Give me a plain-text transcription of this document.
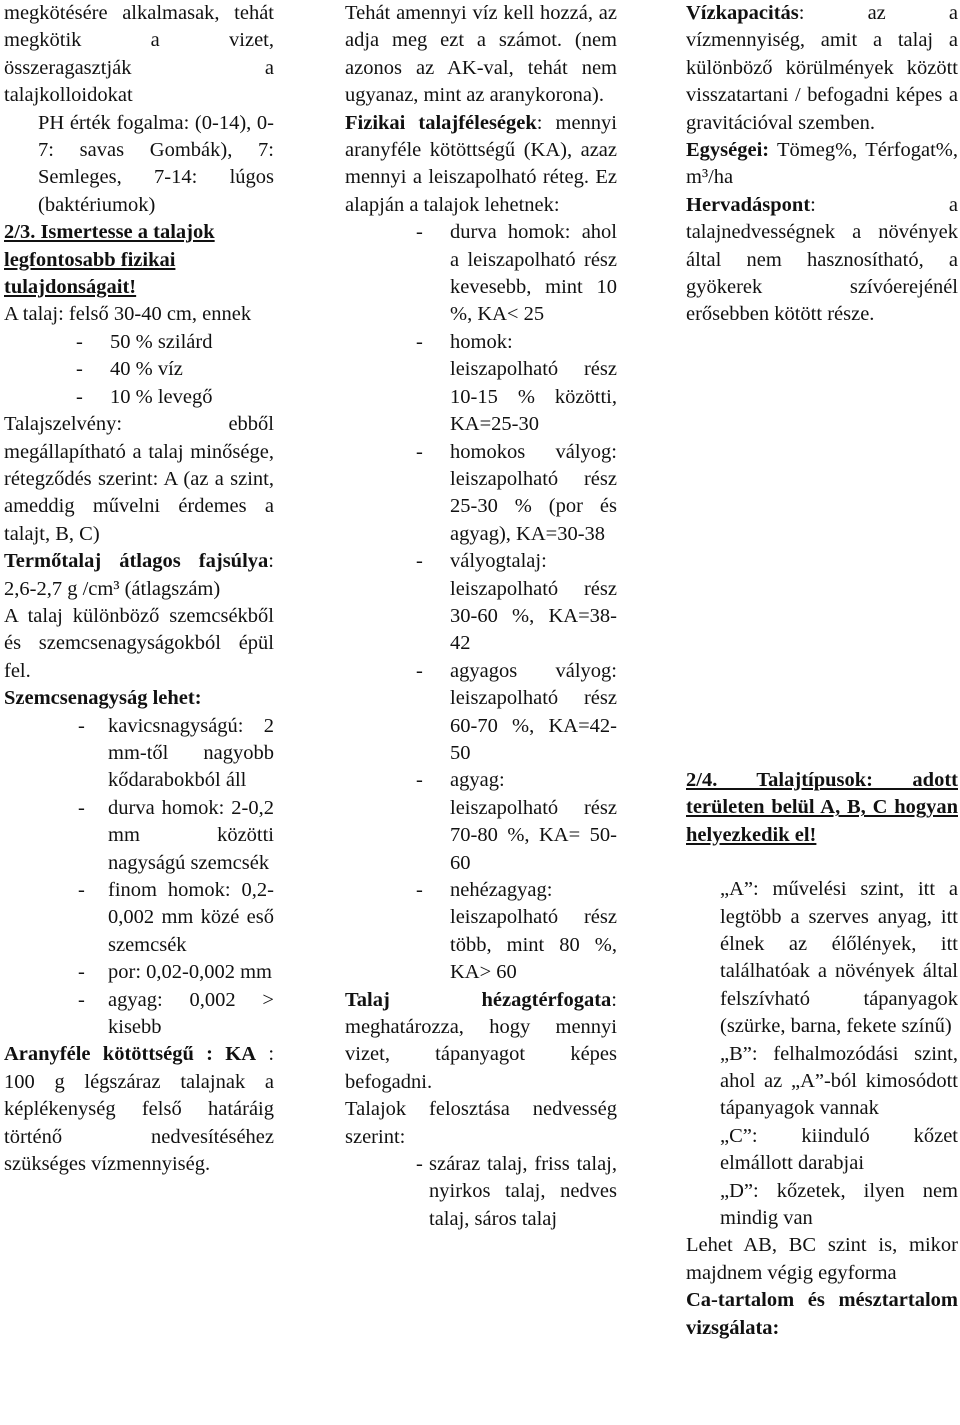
megkötésére alkalmasak, tehát megkötik a vizet, összeragasztják a talajkolloidokat

PH érték fogalma: (0-14), 0-7: savas Gombák), 7: Semleges, 7-14: lúgos (baktériumok)

2/3. Ismertesse a talajok legfontosabb fizikai tulajdonságait!

A talaj: felső 30-40 cm, ennek

- 50 % szilárd
- 40 % víz
- 10 % levegő

Talajszelvény: ebből megállapítható a talaj minősége, rétegződés szerint: A (az a szint, ameddig művelni érdemes a talajt, B, C)

Termőtalaj átlagos fajsúlya: 2,6-2,7 g /cm³ (átlagszám)

A talaj különböző szemcsékből és szemcsenagyságokból épül fel.

Szemcsenagyság lehet:

- kavicsnagyságú: 2 mm-től nagyobb kődarabokból áll
- durva homok: 2-0,2 mm közötti nagyságú szemcsék
- finom homok: 0,2-0,002 mm közé eső szemcsék
- por: 0,02-0,002 mm
- agyag: 0,002 > kisebb

Aranyféle kötöttségű : KA : 100 g légszáraz talajnak a képlékenység felső határáig történő nedvesítéséhez szükséges vízmennyiség.

Tehát amennyi víz kell hozzá, az adja meg ezt a számot. (nem azonos az AK-val, tehát nem ugyanaz, mint az aranykorona).

Fizikai talajféleségek: mennyi aranyféle kötöttségű (KA), azaz mennyi a leiszapolható réteg. Ez alapján a talajok lehetnek:

- durva homok: ahol a leiszapolható rész kevesebb, mint 10 %, KA< 25
- homok: leiszapolható rész 10-15 % közötti, KA=25-30
- homokos vályog: leiszapolható rész 25-30 % (por és agyag), KA=30-38
- vályogtalaj: leiszapolható rész 30-60 %, KA=38-42
- agyagos vályog: leiszapolható rész 60-70 %, KA=42-50
- agyag: leiszapolható rész 70-80 %, KA= 50-60
- nehézagyag: leiszapolható rész több, mint 80 %, KA> 60

Talaj hézagtérfogata: meghatározza, hogy mennyi vizet, tápanyagot képes befogadni.

Talajok felosztása nedvesség szerint:

- száraz talaj, friss talaj, nyirkos talaj, nedves talaj, sáros talaj

Vízkapacitás: az a vízmennyiség, amit a talaj a különböző körülmények között visszatartani / befogadni képes a gravitációval szemben.

Egységei: Tömeg%, Térfogat%, m³/ha

Hervadáspont: a talajnedvességnek a növények által nem hasznosítható, a gyökerek szívóerejénél erősebben kötött része.

2/4. Talajtípusok: adott területen belül A, B, C hogyan helyezkedik el!

„A”: művelési szint, itt a legtöbb a szerves anyag, itt élnek az élőlények, itt találhatóak a növények által felszívható tápanyagok (szürke, barna, fekete színű)

„B”: felhalmozódási szint, ahol az „A”-ból kimosódott tápanyagok vannak

„C”: kiinduló kőzet elmállott darabjai

„D”: kőzetek, ilyen nem mindig van

Lehet AB, BC szint is, mikor majdnem végig egyforma

Ca-tartalom és mésztartalom vizsgálata:
